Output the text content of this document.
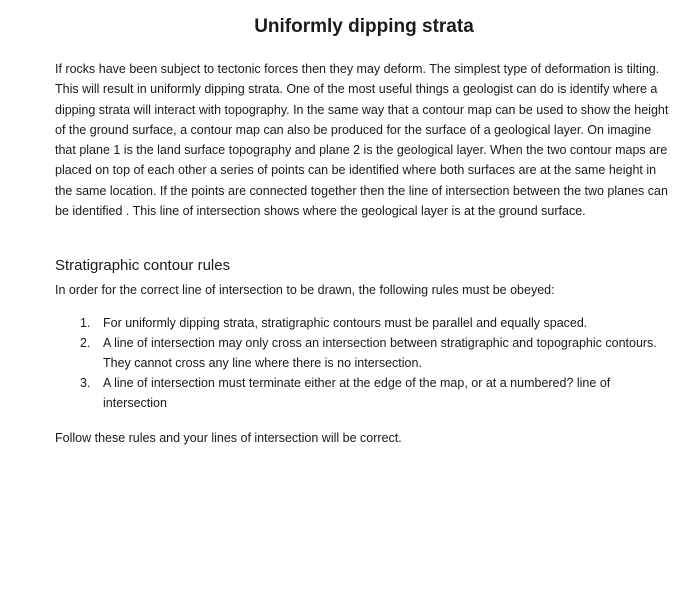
Uniformly dipping strata

If rocks have been subject to tectonic forces then they may deform. The simplest type of deformation is tilting. This will result in uniformly dipping strata. One of the most useful things a geologist can do is identify where a dipping strata will interact with topography. In the same way that a contour map can be used to show the height of the ground surface, a contour map can also be produced for the surface of a geological layer. On imagine that plane 1 is the land surface topography and plane 2 is the geological layer. When the two contour maps are placed on top of each other a series of points can be identified where both surfaces are at the same height in the same location. If the points are connected together then the line of intersection between the two planes can be identified . This line of intersection shows where the geological layer is at the ground surface.

Stratigraphic contour rules

In order for the correct line of intersection to be drawn, the following rules must be obeyed:

1. For uniformly dipping strata, stratigraphic contours must be parallel and equally spaced.
2. A line of intersection may only cross an intersection between stratigraphic and topographic contours. They cannot cross any line where there is no intersection.
3. A line of intersection must terminate either at the edge of the map, or at a numbered? line of intersection

Follow these rules and your lines of intersection will be correct.
